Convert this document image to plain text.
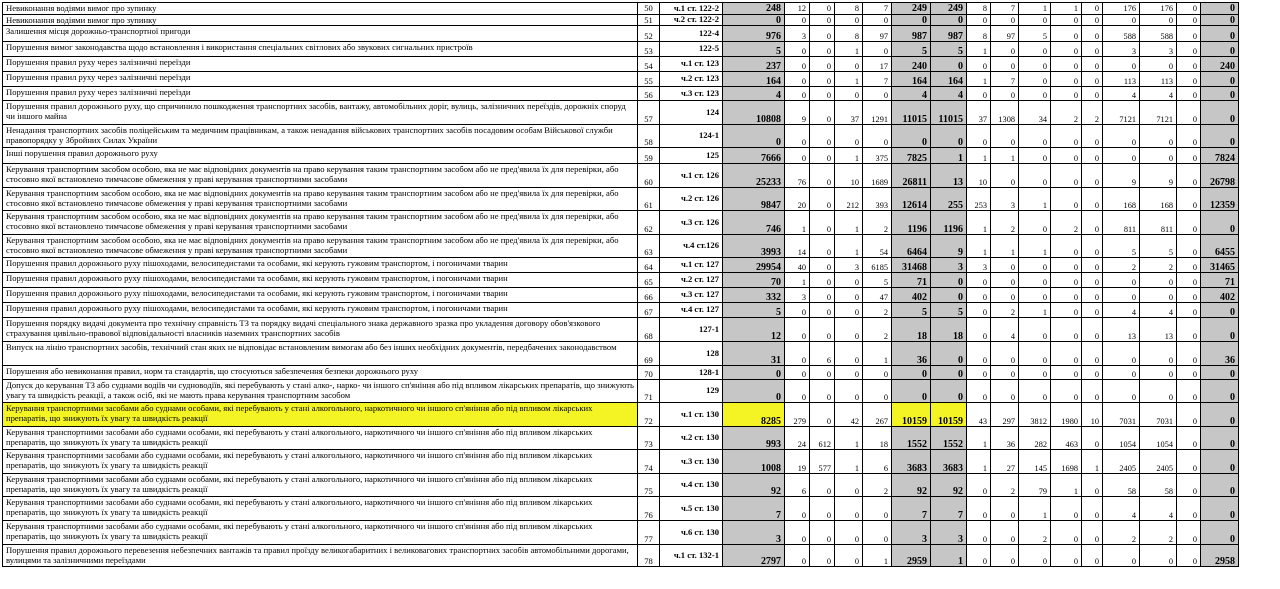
Невиконання водіями вимог про зупинку	50	ч.1 ст. 122-2	248	12	0	8	7	249	249	8	7	1	1	0	176	176	0	0
Невиконання водіями вимог про зупинку	51	ч.2 ст. 122-2	0	0	0	0	0	0	0	0	0	0	0	0	0	0	0	0
Залишення місця дорожньо-транспортної пригоди	52	122-4	976	3	0	8	97	987	987	8	97	5	0	0	588	588	0	0
Порушення вимог законодавства щодо встановлення і використання спеціальних світлових або звукових сигнальних пристроїв	53	122-5	5	0	0	1	0	5	5	1	0	0	0	0	3	3	0	0
Порушення правил руху через залізничні переїзди	54	ч.1 ст. 123	237	0	0	0	17	240	0	0	0	0	0	0	0	0	0	240
Порушення правил руху через залізничні переїзди	55	ч.2 ст. 123	164	0	0	1	7	164	164	1	7	0	0	0	113	113	0	0
Порушення правил руху через залізничні переїзди	56	ч.3 ст. 123	4	0	0	0	0	4	4	0	0	0	0	0	4	4	0	0
Порушення правил дорожнього руху, що спричинило пошкодження транспортних засобів, вантажу, автомобільних доріг, вулиць, залізничних переїздів, дорожніх споруд чи іншого майна	57	124	10808	9	0	37	1291	11015	11015	37	1308	34	2	2	7121	7121	0	0
Ненадання транспортних засобів поліцейським та медичним працівникам, а також ненадання військових транспортних засобів посадовим особам Військової служби правопорядку у Збройних Силах України	58	124-1	0	0	0	0	0	0	0	0	0	0	0	0	0	0	0	0
Інші порушення правил дорожнього руху	59	125	7666	0	0	1	375	7825	1	1	1	0	0	0	0	0	0	7824
Керування транспортним засобом особою, яка не має відповідних документів на право керування таким транспортним засобом або не пред'явила їх для перевірки, або стосовно якої встановлено тимчасове обмеження у праві керування транспортними засобами	60	ч.1 ст. 126	25233	76	0	10	1689	26811	13	10	0	0	0	0	9	9	0	26798
Керування транспортним засобом особою, яка не має відповідних документів на право керування таким транспортним засобом або не пред'явила їх для перевірки, або стосовно якої встановлено тимчасове обмеження у праві керування транспортними засобами	61	ч.2 ст. 126	9847	20	0	212	393	12614	255	253	3	1	0	0	168	168	0	12359
Керування транспортним засобом особою, яка не має відповідних документів на право керування таким транспортним засобом або не пред'явила їх для перевірки, або стосовно якої встановлено тимчасове обмеження у праві керування транспортними засобами	62	ч.3 ст. 126	746	1	0	1	2	1196	1196	1	2	0	2	0	811	811	0	0
Керування транспортним засобом особою, яка не має відповідних документів на право керування таким транспортним засобом або не пред'явила їх для перевірки, або стосовно якої встановлено тимчасове обмеження у праві керування транспортними засобами	63	ч.4 ст.126	3993	14	0	1	54	6464	9	1	1	1	0	0	5	5	0	6455
Порушення правил дорожнього руху пішоходами, велосипедистами та особами, які керують гужовим транспортом, і погоничами тварин	64	ч.1 ст. 127	29954	40	0	3	6185	31468	3	3	0	0	0	0	2	2	0	31465
Порушення правил дорожнього руху пішоходами, велосипедистами та особами, які керують гужовим транспортом, і погоничами тварин	65	ч.2 ст. 127	70	1	0	0	5	71	0	0	0	0	0	0	0	0	0	71
Порушення правил дорожнього руху пішоходами, велосипедистами та особами, які керують гужовим транспортом, і погоничами тварин	66	ч.3 ст. 127	332	3	0	0	47	402	0	0	0	0	0	0	0	0	0	402
Порушення правил дорожнього руху пішоходами, велосипедистами та особами, які керують гужовим транспортом, і погоничами тварин	67	ч.4 ст. 127	5	0	0	0	2	5	5	0	2	1	0	0	4	4	0	0
Порушення порядку видачі документа про технічну справність ТЗ та порядку видачі спеціального знака державного зразка про укладення договору обов'язкового страхування цивільно-правової відповідальності власників наземних транспортних засобів	68	127-1	12	0	0	0	2	18	18	0	4	0	0	0	13	13	0	0
Випуск на лінію транспортних засобів, технічний стан яких не відповідає встановленим вимогам або без інших необхідних документів, передбачених законодавством	69	128	31	0	6	0	1	36	0	0	0	0	0	0	0	0	0	36
Порушення або невиконання правил, норм та стандартів, що стосуються забезпечення безпеки дорожнього руху	70	128-1	0	0	0	0	0	0	0	0	0	0	0	0	0	0	0	0
Допуск до керування ТЗ або суднами водіїв чи судноводіїв, які перебувають у стані алко-, нарко- чи іншого сп'яніння або під впливом лікарських препаратів, що знижують увагу та швидкість реакції, а також осіб, які не мають права керування транспортним засобом	71	129	0	0	0	0	0	0	0	0	0	0	0	0	0	0	0	0
Керування транспортними засобами або суднами особами, які перебувають у стані алкогольного, наркотичного чи іншого сп'яніння або під впливом лікарських препаратів, що знижують їх увагу та швидкість реакції	72	ч.1 ст. 130	8285	279	0	42	267	10159	10159	43	297	3812	1980	10	7031	7031	0	0
Керування транспортними засобами або суднами особами, які перебувають у стані алкогольного, наркотичного чи іншого сп'яніння або під впливом лікарських препаратів, що знижують їх увагу та швидкість реакції	73	ч.2 ст. 130	993	24	612	1	18	1552	1552	1	36	282	463	0	1054	1054	0	0
Керування транспортними засобами або суднами особами, які перебувають у стані алкогольного, наркотичного чи іншого сп'яніння або під впливом лікарських препаратів, що знижують їх увагу та швидкість реакції	74	ч.3 ст. 130	1008	19	577	1	6	3683	3683	1	27	145	1698	1	2405	2405	0	0
Керування транспортними засобами або суднами особами, які перебувають у стані алкогольного, наркотичного чи іншого сп'яніння або під впливом лікарських препаратів, що знижують їх увагу та швидкість реакції	75	ч.4 ст. 130	92	6	0	0	2	92	92	0	2	79	1	0	58	58	0	0
Керування транспортними засобами або суднами особами, які перебувають у стані алкогольного, наркотичного чи іншого сп'яніння або під впливом лікарських препаратів, що знижують їх увагу та швидкість реакції	76	ч.5 ст. 130	7	0	0	0	0	7	7	0	0	1	0	0	4	4	0	0
Керування транспортними засобами або суднами особами, які перебувають у стані алкогольного, наркотичного чи іншого сп'яніння або під впливом лікарських препаратів, що знижують їх увагу та швидкість реакції	77	ч.6 ст. 130	3	0	0	0	0	3	3	0	0	2	0	0	2	2	0	0
Порушення правил дорожнього перевезення небезпечних вантажів та правил проїзду великогабаритних і великовагових транспортних засобів автомобільними дорогами, вулицями та залізничними переїздами	78	ч.1 ст. 132-1	2797	0	0	0	1	2959	1	0	0	0	0	0	0	0	0	2958
